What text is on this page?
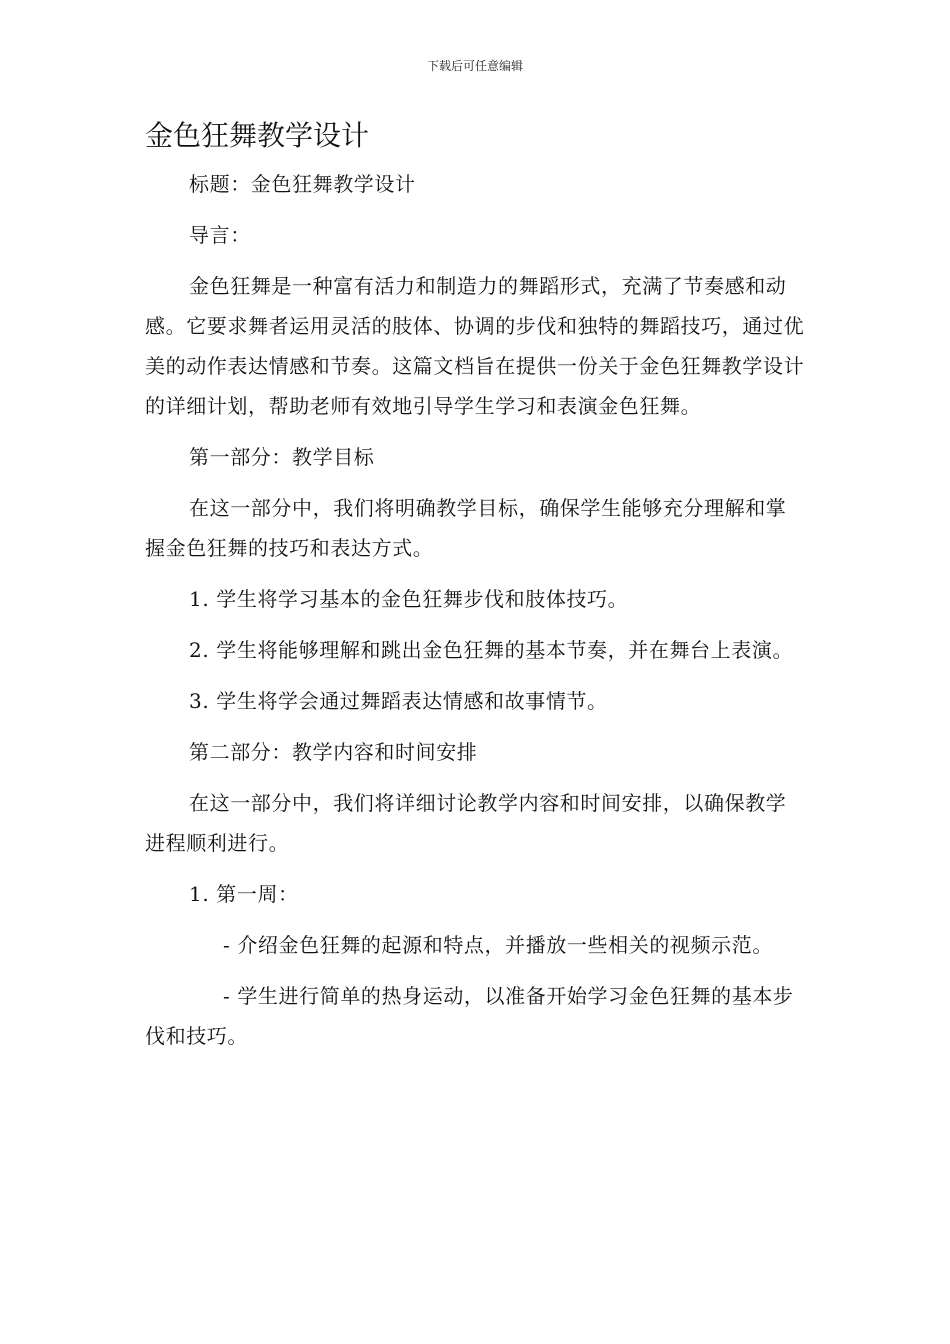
下载后可任意编辑
金色狂舞教学设计

标题：金色狂舞教学设计

导言：

金色狂舞是一种富有活力和制造力的舞蹈形式，充满了节奏感和动感。它要求舞者运用灵活的肢体、协调的步伐和独特的舞蹈技巧，通过优美的动作表达情感和节奏。这篇文档旨在提供一份关于金色狂舞教学设计的详细计划，帮助老师有效地引导学生学习和表演金色狂舞。

第一部分：教学目标

在这一部分中，我们将明确教学目标，确保学生能够充分理解和掌握金色狂舞的技巧和表达方式。

1. 学生将学习基本的金色狂舞步伐和肢体技巧。

2. 学生将能够理解和跳出金色狂舞的基本节奏，并在舞台上表演。

3. 学生将学会通过舞蹈表达情感和故事情节。

第二部分：教学内容和时间安排

在这一部分中，我们将详细讨论教学内容和时间安排，以确保教学进程顺利进行。

1. 第一周：

- 介绍金色狂舞的起源和特点，并播放一些相关的视频示范。

- 学生进行简单的热身运动，以准备开始学习金色狂舞的基本步伐和技巧。
